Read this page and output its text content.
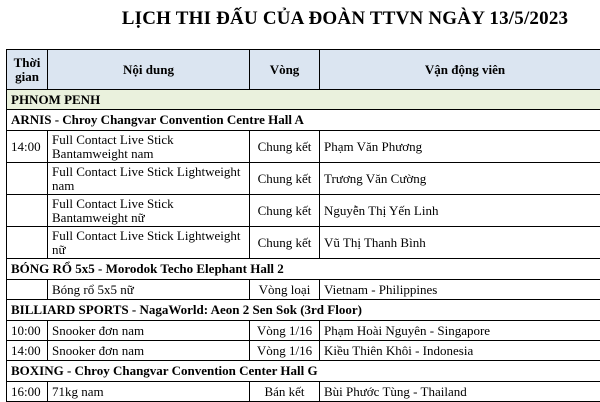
LỊCH THI ĐẤU CỦA ĐOÀN TTVN NGÀY 13/5/2023
Thời
gian	Nội dung	Vòng	Vận động viên
PHNOM PENH			
ARNIS - Chroy Changvar Convention Centre Hall A			
14:00	Full Contact Live Stick Bantamweight nam	Chung kết	Phạm Văn Phương
	Full Contact Live Stick Lightweight nam	Chung kết	Trương Văn Cường
	Full Contact Live Stick Bantamweight nữ	Chung kết	Nguyễn Thị Yến Linh
	Full Contact Live Stick Lightweight nữ	Chung kết	Vũ Thị Thanh Bình
BÓNG RỔ 5x5 - Morodok Techo Elephant Hall 2			
	Bóng rổ 5x5 nữ	Vòng loại	Vietnam - Philippines
BILLIARD SPORTS - NagaWorld: Aeon 2 Sen Sok (3rd Floor)			
10:00	Snooker đơn nam	Vòng 1/16	Phạm Hoài Nguyên - Singapore
14:00	Snooker đơn nam	Vòng 1/16	Kiều Thiên Khôi - Indonesia
BOXING - Chroy Changvar Convention Center Hall G			
16:00	71kg nam	Bán kết	Bùi Phước Tùng - Thailand
